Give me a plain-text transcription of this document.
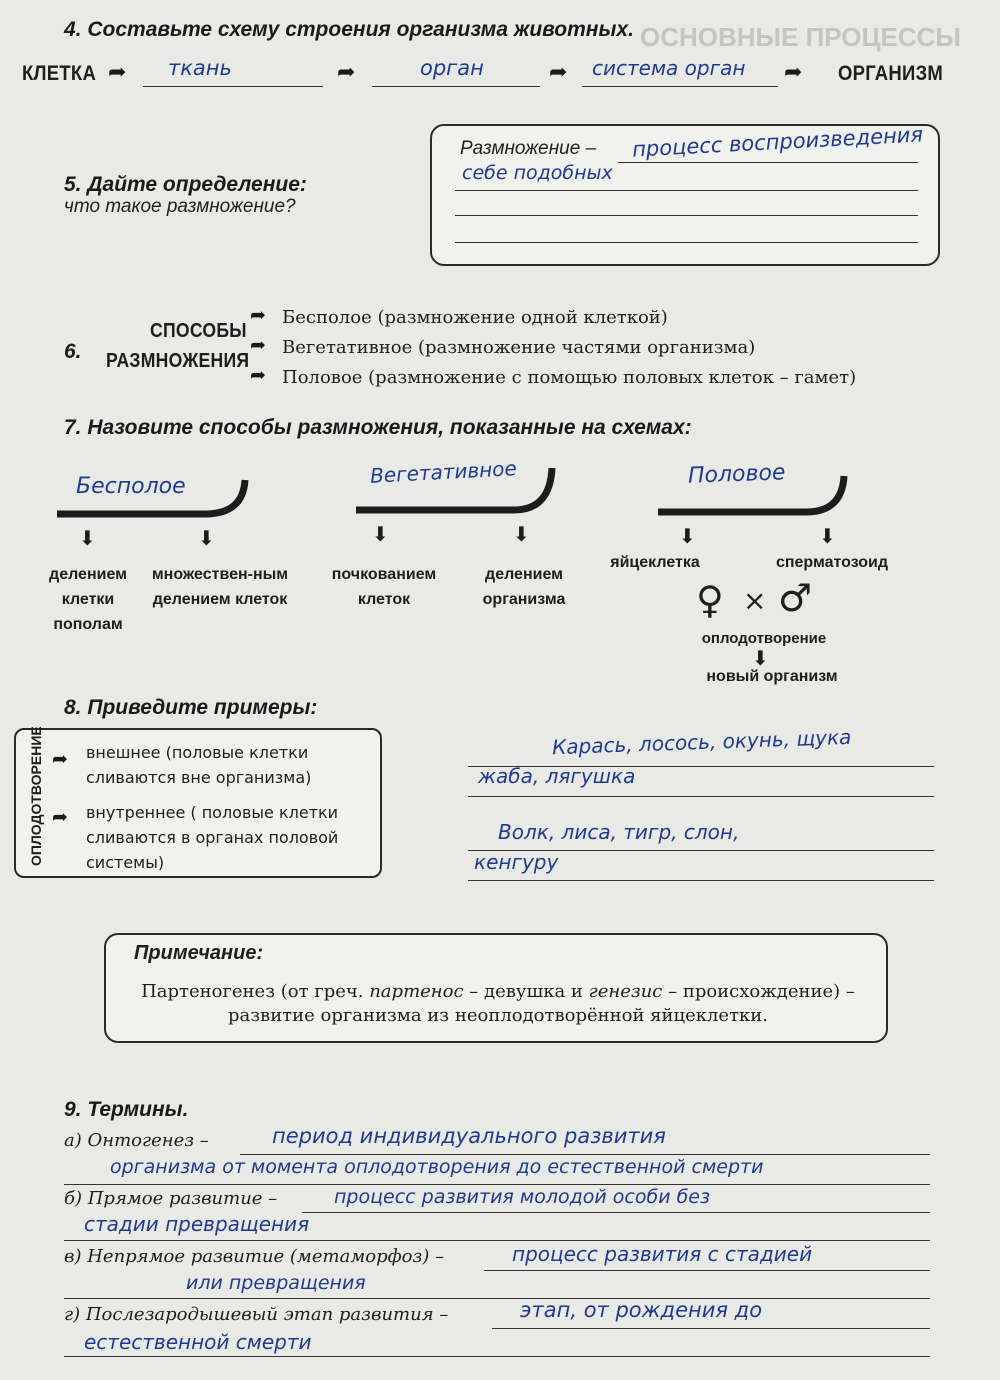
ОСНОВНЫЕ ПРОЦЕССЫ
4. Составьте схему строения организма животных.
КЛЕТКА ➦ ткань	➦	орган	➦ система орган ➦ ОРГАНИЗМ
5. Дайте определение:
что такое размножение?
Размножение – процесс воспроизведения
себе подобных
6.
СПОСОБЫ
РАЗМНОЖЕНИЯ
➦ Бесполое (размножение одной клеткой)
➦ Вегетативное (размножение частями организма)
➦ Половое (размножение с помощью половых клеток – гамет)
7. Назовите способы размножения, показанные на схемах:
Бесполое
⬇	⬇
делением клетки пополам
множествен-ным делением клеток
Вегетативное
⬇	⬇
почкованием клеток
делением организма
Половое
⬇	⬇
яйцеклетка	сперматозоид
♀ × ♂
оплодотворение
⬇
новый организм
8. Приведите примеры:
ОПЛОДОТВОРЕНИЕ ➦ внешнее (половые клетки сливаются вне организма)
➦ внутреннее ( половые клетки сливаются в органах половой системы)
Карась, лосось, окунь, щука
жаба, лягушка
Волк, лиса, тигр, слон,
кенгуру
Примечание:
Партеногенез (от греч. партенос – девушка и генезис – происхождение) – развитие организма из неоплодотворённой яйцеклетки.
9. Термины.
а) Онтогенез –	период индивидуального развития
организма от момента оплодотворения до естественной смерти
б) Прямое развитие –	процесс развития молодой особи без
стадии превращения
в) Непрямое развитие (метаморфоз) –	процесс развития с стадией
или превращения
г) Послезародышевый этап развития –	этап, от рождения до
естественной смерти
